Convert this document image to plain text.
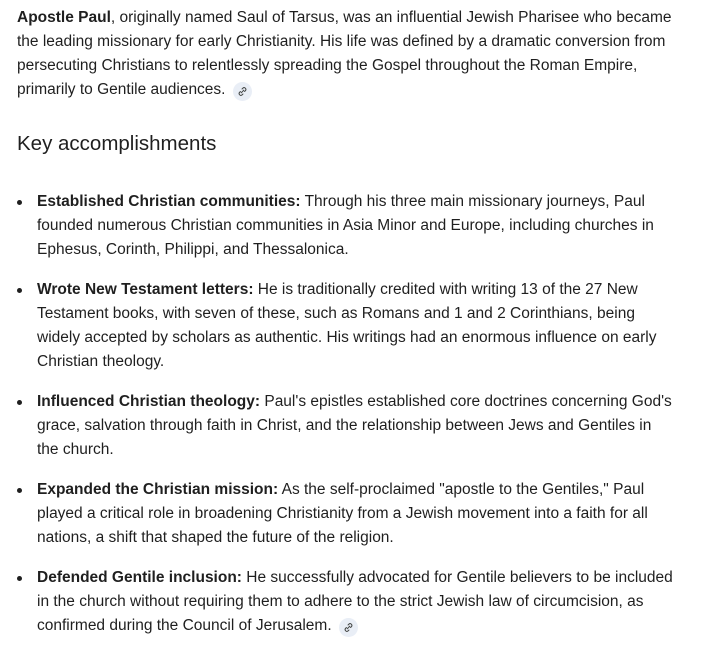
Apostle Paul, originally named Saul of Tarsus, was an influential Jewish Pharisee who became the leading missionary for early Christianity. His life was defined by a dramatic conversion from persecuting Christians to relentlessly spreading the Gospel throughout the Roman Empire, primarily to Gentile audiences.

Key accomplishments
Established Christian communities: Through his three main missionary journeys, Paul founded numerous Christian communities in Asia Minor and Europe, including churches in Ephesus, Corinth, Philippi, and Thessalonica.
Wrote New Testament letters: He is traditionally credited with writing 13 of the 27 New Testament books, with seven of these, such as Romans and 1 and 2 Corinthians, being widely accepted by scholars as authentic. His writings had an enormous influence on early Christian theology.
Influenced Christian theology: Paul's epistles established core doctrines concerning God's grace, salvation through faith in Christ, and the relationship between Jews and Gentiles in the church.
Expanded the Christian mission: As the self-proclaimed "apostle to the Gentiles," Paul played a critical role in broadening Christianity from a Jewish movement into a faith for all nations, a shift that shaped the future of the religion.
Defended Gentile inclusion: He successfully advocated for Gentile believers to be included in the church without requiring them to adhere to the strict Jewish law of circumcision, as confirmed during the Council of Jerusalem.
